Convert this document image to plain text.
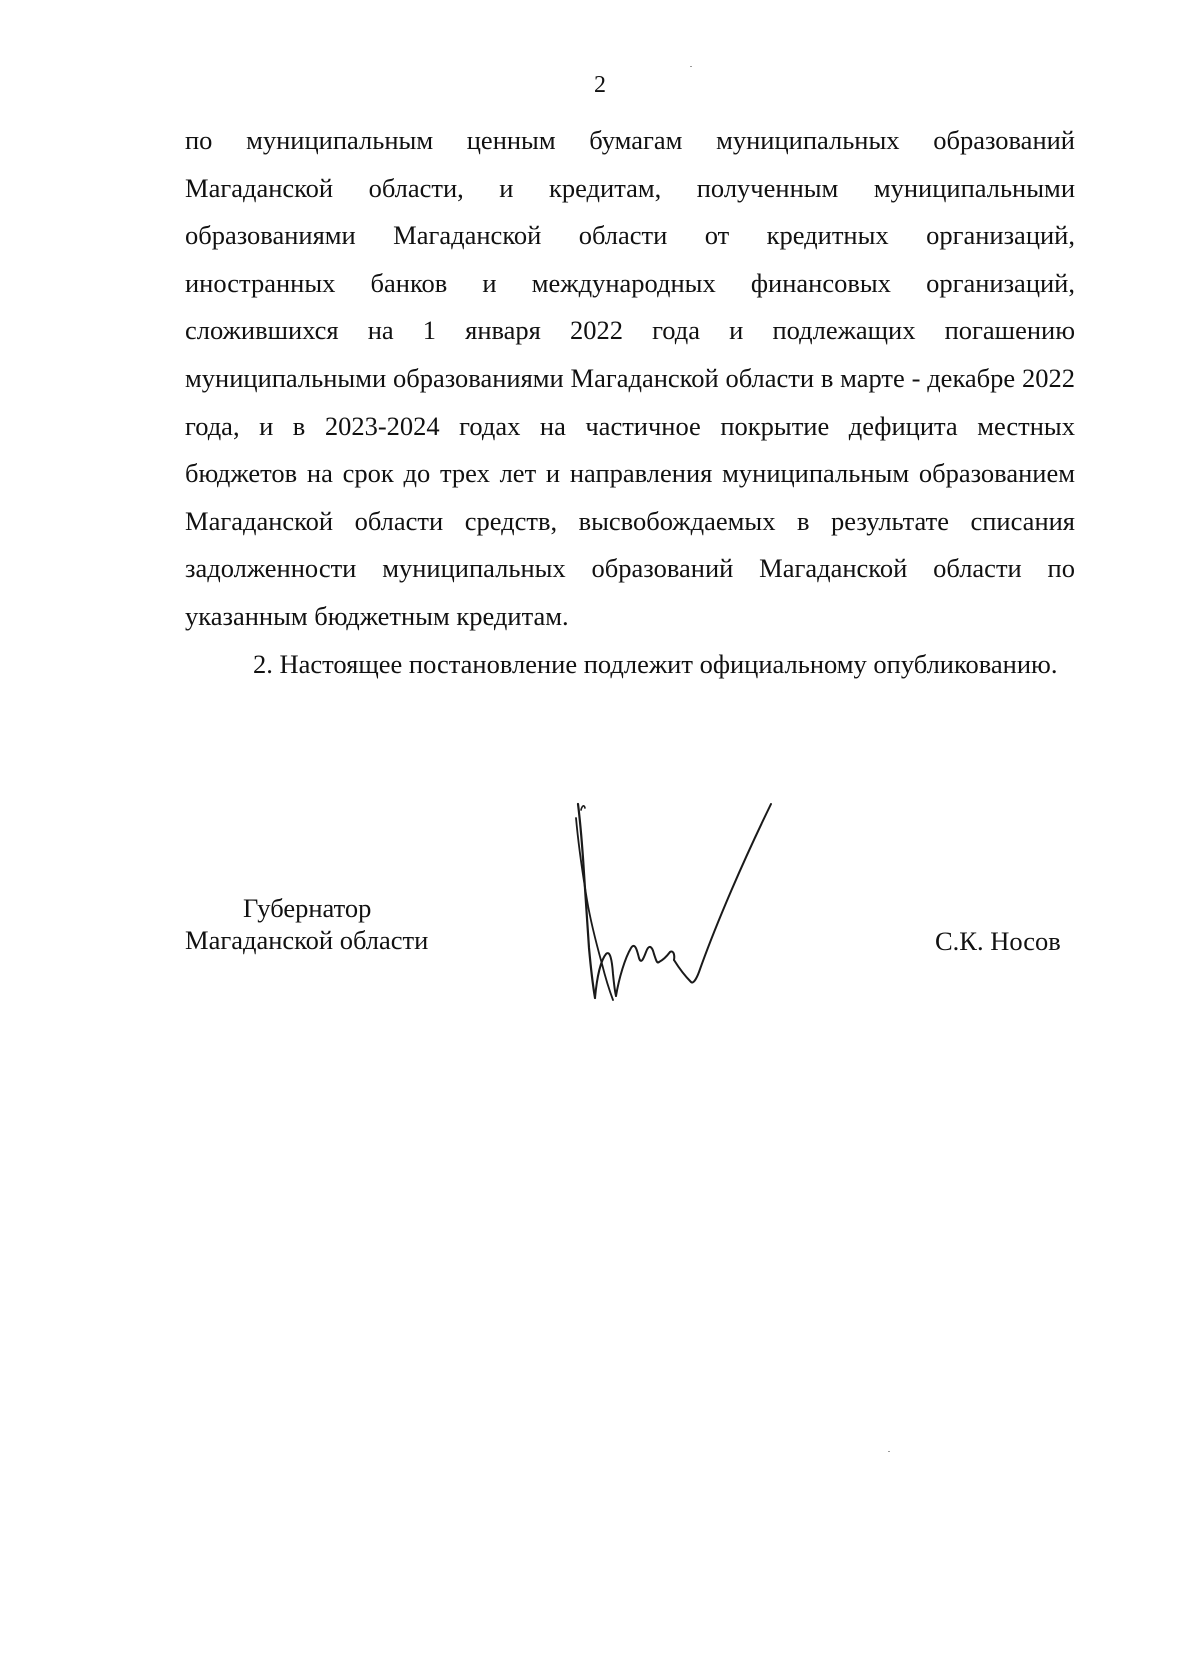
2

по муниципальным ценным бумагам муниципальных образований Магаданской области, и кредитам, полученным муниципальными образованиями Магаданской области от кредитных организаций, иностранных банков и международных финансовых организаций, сложившихся на 1 января 2022 года и подлежащих погашению муниципальными образованиями Магаданской области в марте - декабре 2022 года, и в 2023-2024 годах на частичное покрытие дефицита местных бюджетов на срок до трех лет и направления муниципальным образованием Магаданской области средств, высвобождаемых в результате списания задолженности муниципальных образований Магаданской области по указанным бюджетным кредитам.

2. Настоящее постановление подлежит официальному опубликованию.

Губернатор
Магаданской области	С.К. Носов
